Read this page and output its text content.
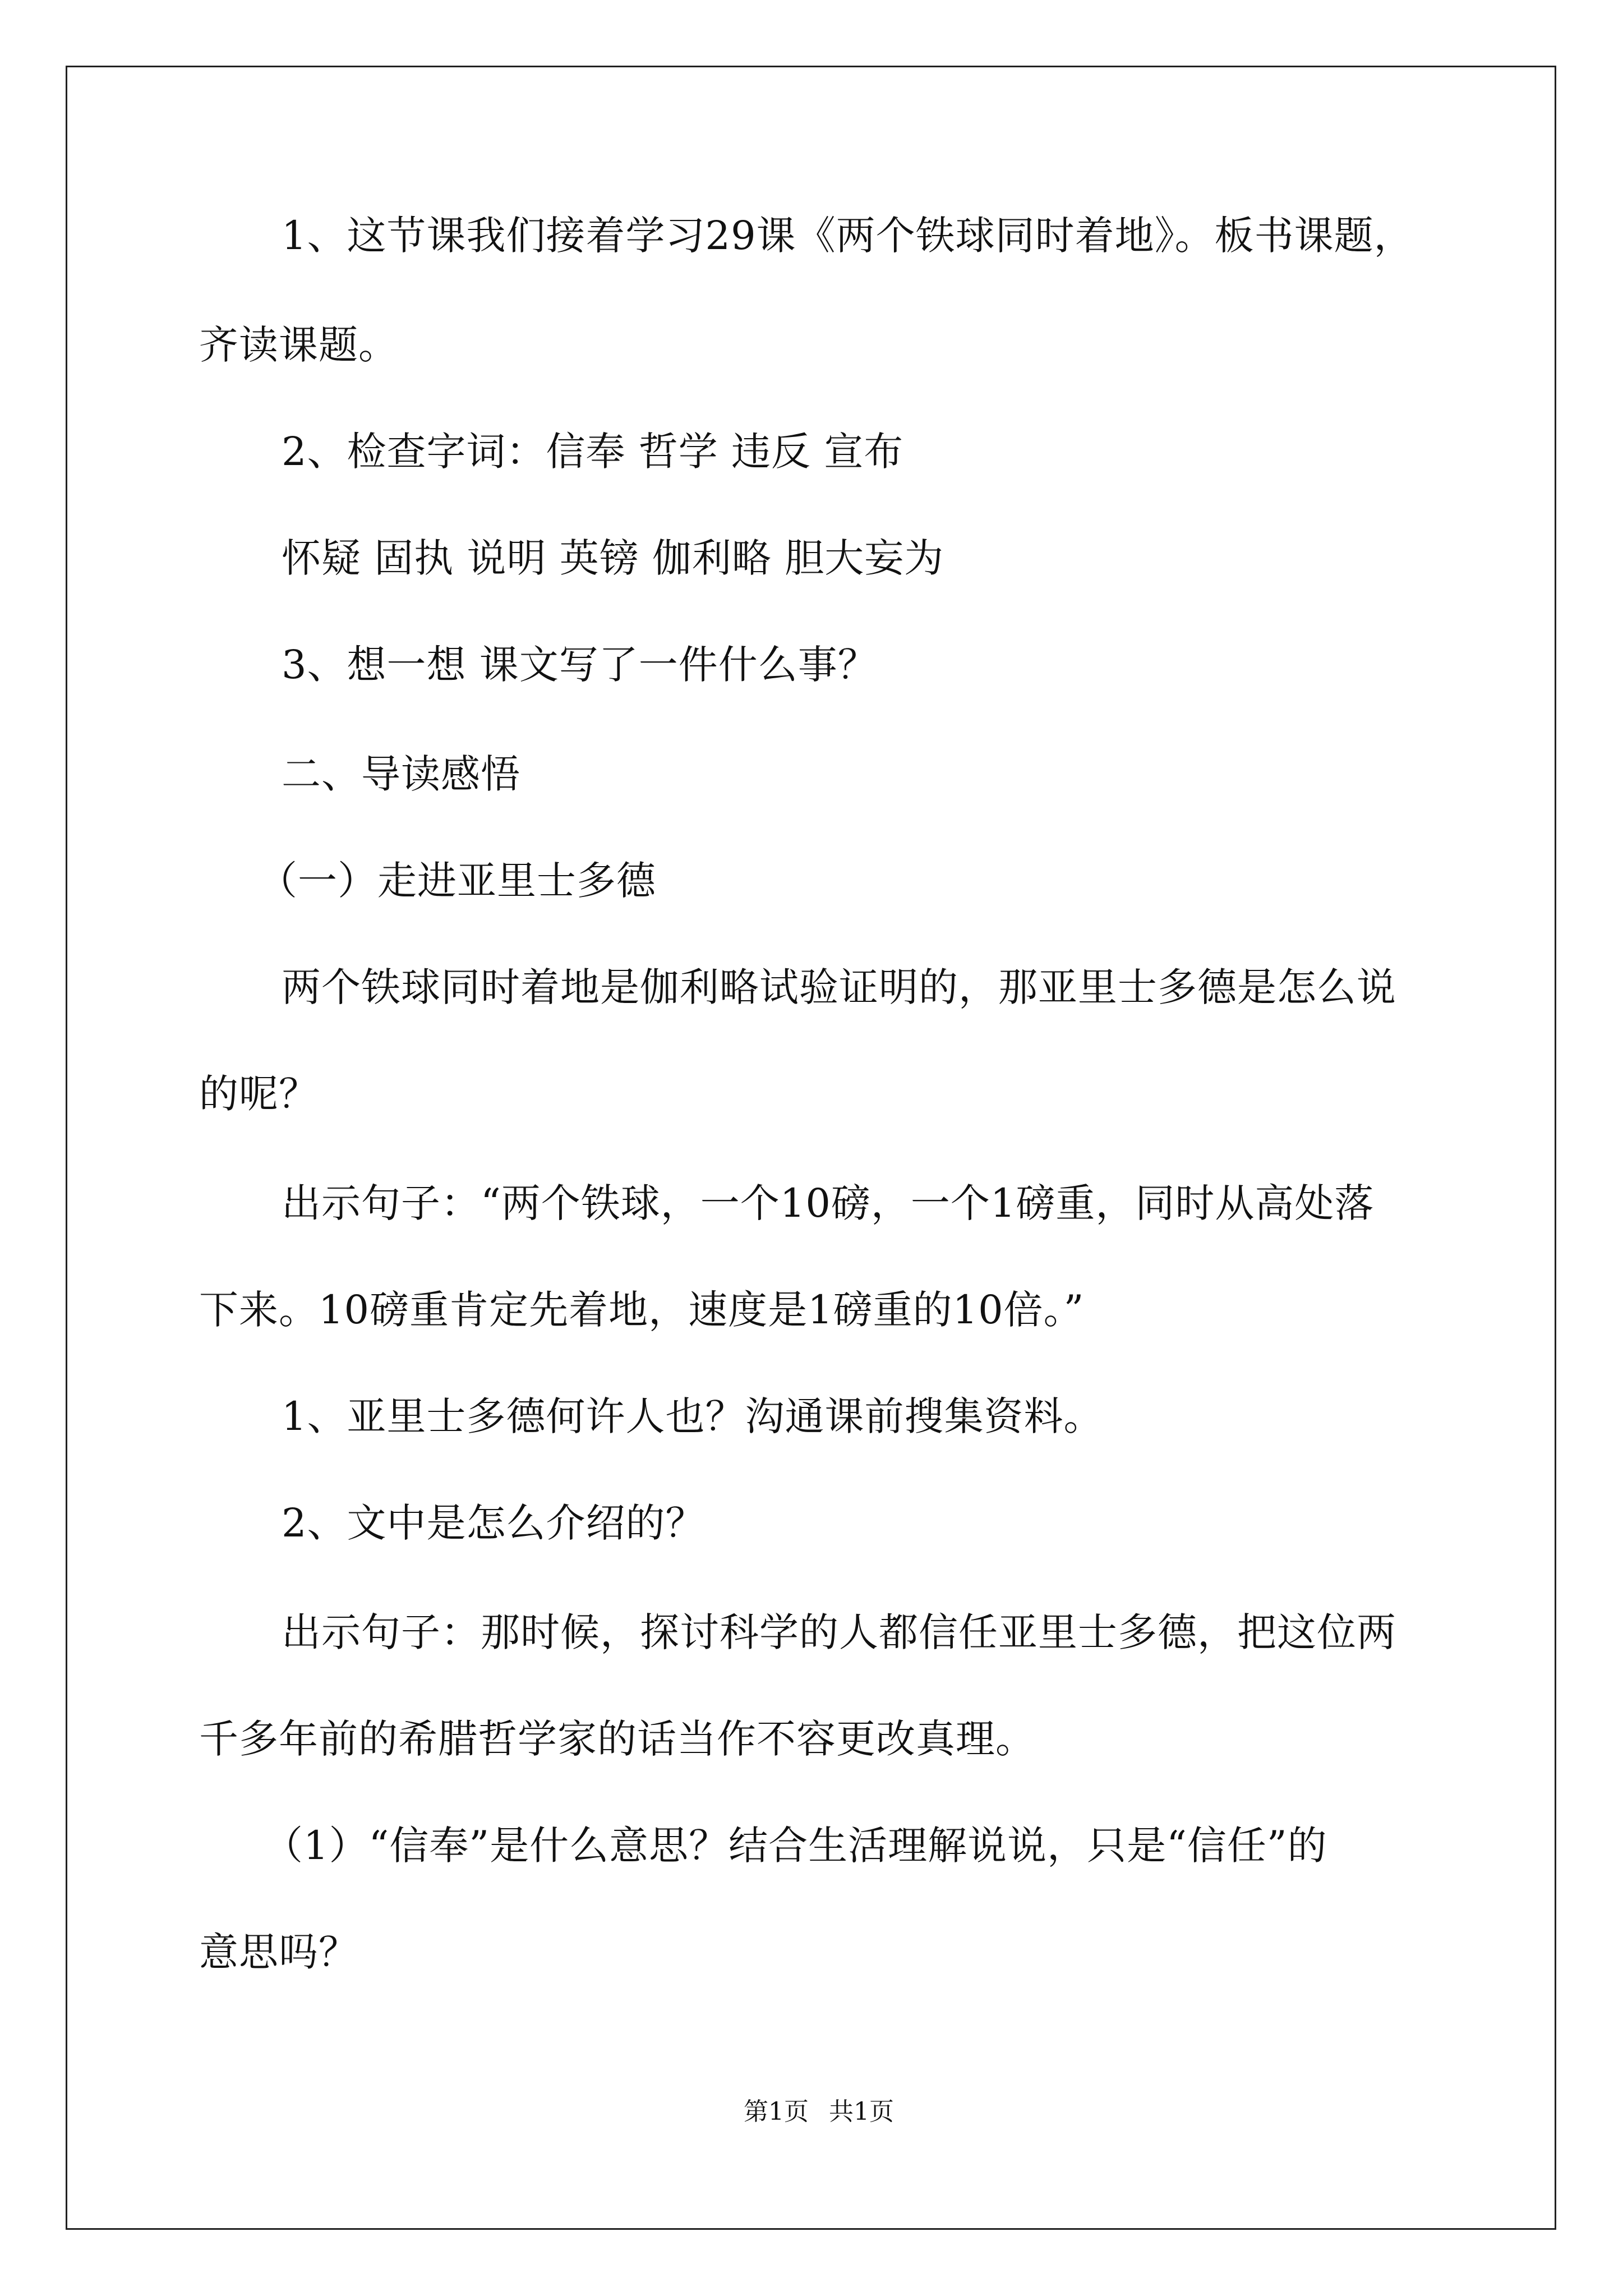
1、这节课我们接着学习29课《两个铁球同时着地》。板书课题，
齐读课题。
2、检查字词：信奉 哲学 违反 宣布
怀疑 固执 说明 英镑 伽利略 胆大妄为
3、想一想 课文写了一件什么事？
二、导读感悟
（一）走进亚里士多德
两个铁球同时着地是伽利略试验证明的，那亚里士多德是怎么说
的呢？
出示句子：“两个铁球，一个10磅，一个1磅重，同时从高处落
下来。10磅重肯定先着地，速度是1磅重的10倍。”
1、亚里士多德何许人也？沟通课前搜集资料。
2、文中是怎么介绍的？
出示句子：那时候，探讨科学的人都信任亚里士多德，把这位两
千多年前的希腊哲学家的话当作不容更改真理。
（1）“信奉”是什么意思？结合生活理解说说，只是“信任”的
意思吗？
第1页 共1页
